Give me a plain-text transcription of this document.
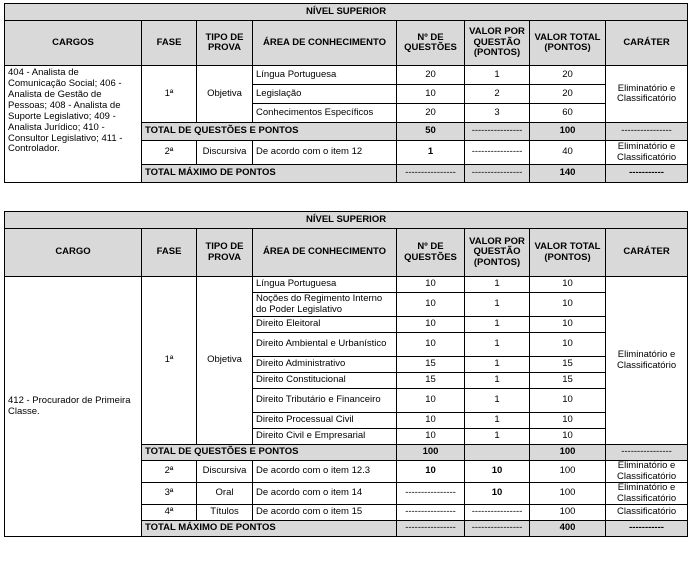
NÍVEL SUPERIOR							
CARGOS	FASE	TIPO DE PROVA	ÁREA DE CONHECIMENTO	Nº DE QUESTÕES	VALOR POR QUESTÃO (PONTOS)	VALOR TOTAL (PONTOS)	CARÁTER
404 - Analista de Comunicação Social; 406 - Analista de Gestão de Pessoas; 408 - Analista de Suporte Legislativo; 409 - Analista Jurídico; 410 - Consultor Legislativo; 411 - Controlador.	1ª	Objetiva	Língua Portuguesa	20	1	20	Eliminatório e Classificatório
			Legislação	10	2	20	
			Conhecimentos Específicos	20	3	60	
	TOTAL DE QUESTÕES E PONTOS			50	----------------	100	----------------
	2ª	Discursiva	De acordo com o item 12	1	----------------	40	Eliminatório e Classificatório
	TOTAL MÁXIMO DE PONTOS			----------------	----------------	140	-----------
NÍVEL SUPERIOR							
CARGO	FASE	TIPO DE PROVA	ÁREA DE CONHECIMENTO	Nº DE QUESTÕES	VALOR POR QUESTÃO (PONTOS)	VALOR TOTAL (PONTOS)	CARÁTER
412 - Procurador de Primeira Classe.	1ª	Objetiva	Língua Portuguesa	10	1	10	Eliminatório e Classificatório
			Noções do Regimento Interno do Poder Legislativo	10	1	10	
			Direito Eleitoral	10	1	10	
			Direito Ambiental e Urbanístico	10	1	10	
			Direito Administrativo	15	1	15	
			Direito Constitucional	15	1	15	
			Direito Tributário e Financeiro	10	1	10	
			Direito Processual Civil	10	1	10	
			Direito Civil e Empresarial	10	1	10	
	TOTAL DE QUESTÕES E PONTOS			100		100	----------------
	2ª	Discursiva	De acordo com o item 12.3	10	10	100	Eliminatório e Classificatório
	3ª	Oral	De acordo com o item 14	----------------	10	100	Eliminatório e Classificatório
	4ª	Títulos	De acordo com o item 15	----------------	----------------	100	Classificatório
	TOTAL MÁXIMO DE PONTOS			----------------	----------------	400	-----------
